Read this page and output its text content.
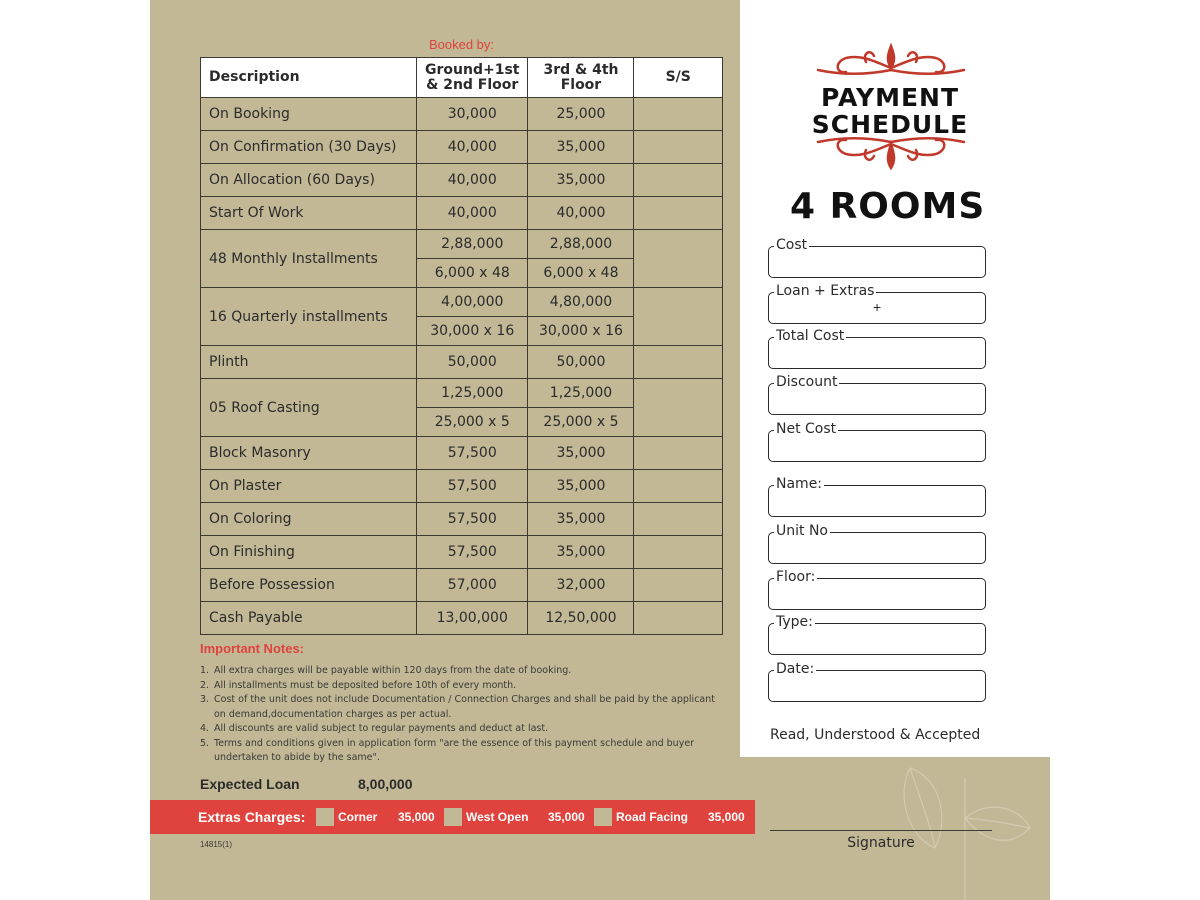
Booked by:
Description	Ground+1st & 2nd Floor	3rd & 4th Floor	S/S
On Booking	30,000	25,000	
On Confirmation (30 Days)	40,000	35,000	
On Allocation (60 Days)	40,000	35,000	
Start Of Work	40,000	40,000	
48 Monthly Installments	2,88,000	2,88,000	
	6,000 x 48	6,000 x 48	
16 Quarterly installments	4,00,000	4,80,000	
	30,000 x 16	30,000 x 16	
Plinth	50,000	50,000	
05 Roof Casting	1,25,000	1,25,000	
	25,000 x 5	25,000 x 5	
Block Masonry	57,500	35,000	
On Plaster	57,500	35,000	
On Coloring	57,500	35,000	
On Finishing	57,500	35,000	
Before Possession	57,000	32,000	
Cash Payable	13,00,000	12,50,000	
Important Notes:
1. All extra charges will be payable within 120 days from the date of booking.
2. All installments must be deposited before 10th of every month.
3. Cost of the unit does not include Documentation / Connection Charges and shall be paid by the applicant on demand,documentation charges as per actual.
4. All discounts are valid subject to regular payments and deduct at last.
5. Terms and conditions given in application form "are the essence of this payment schedule and buyer undertaken to abide by the same".
Expected Loan	8,00,000
Extras Charges:	Corner 35,000	West Open 35,000	Road Facing 35,000
14815(1)
PAYMENT
SCHEDULE
4 ROOMS
Cost
Loan + Extras
+
Total Cost
Discount
Net Cost
Name:
Unit No
Floor:
Type:
Date:
Read, Understood & Accepted
Signature
